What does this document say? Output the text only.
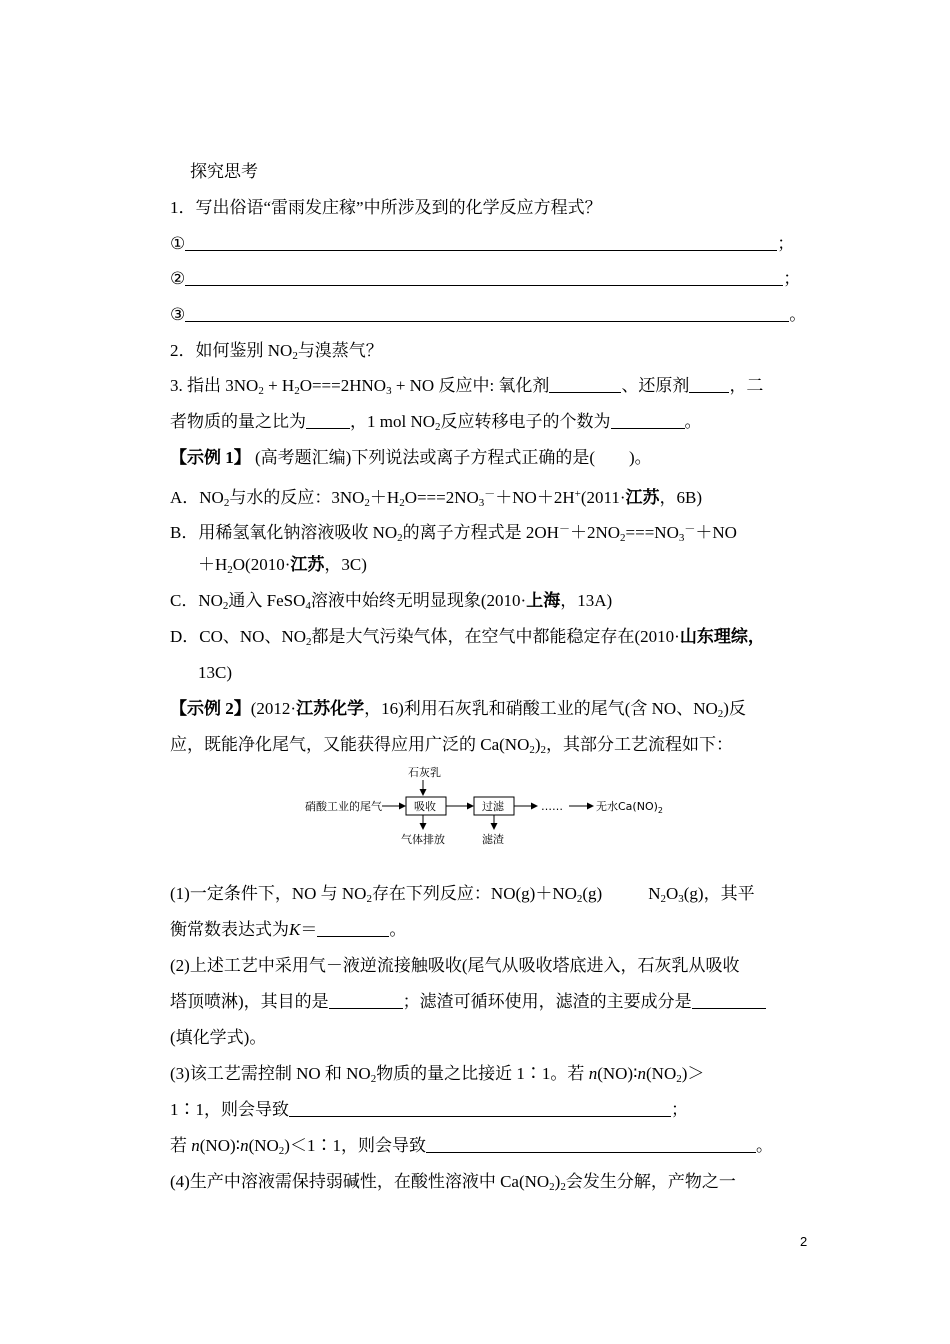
探究思考
1．写出俗语“雷雨发庄稼”中所涉及到的化学反应方程式？
①	；
②	；
③	。
2．如何鉴别 $NO_2$与溴蒸气？
3. 指出 $3NO_2 + H_2O===2HNO_3$ + NO 反应中: 氧化剂	、还原剂 ，二
者物质的量之比为	，1 mol $NO_2$反应转移电子的个数为	。
【示例 1】 (高考题汇编)下列说法或离子方程式正确的是(　　)。
A．$NO_2$与水的反应：$3NO_2+H_2O===2NO_3^-+NO+2H^+(2011\cdot$江苏，6B)
B．用稀氢氧化钠溶液吸收 $NO_2$的离子方程式是 $2OH^-+2NO_2===NO_3^-+NO$
$+H_2O(2010\cdot$江苏，3C)
C．$NO_2$通入 FeSO$_4$溶液中始终无明显现象(2010·上海，13A)
D．CO、NO、$NO_2$都是大气污染气体，在空气中都能稳定存在(2010·山东理综，
13C)
【示例 2】(2012·江苏化学，16)利用石灰乳和硝酸工业的尾气(含 NO、$NO_2$)反
应，既能净化尾气，又能获得应用广泛的 $Ca(NO_2)_2$，其部分工艺流程如下：
石灰乳
硝酸工业的尾气	吸收	过滤	……	无水$Ca(NO)_2$
气体排放	滤渣
(1)一定条件下，NO 与 $NO_2$存在下列反应：$NO(g)+NO_2(g)$	$N_2O_3(g)$，其平
衡常数表达式为K＝	。
(2)上述工艺中采用气－液逆流接触吸收(尾气从吸收塔底进入，石灰乳从吸收
塔顶喷淋)，其目的是	；滤渣可循环使用，滤渣的主要成分是
(填化学式)。
(3)该工艺需控制 NO 和 $NO_2$物质的量之比接近 1∶1。若 $n(NO)∶n(NO_2)>$
1∶1，则会导致	；
若 $n(NO)∶n(NO_2)<1∶1$，则会导致	。
(4)生产中溶液需保持弱碱性，在酸性溶液中 $Ca(NO_2)_2$会发生分解，产物之一
2
